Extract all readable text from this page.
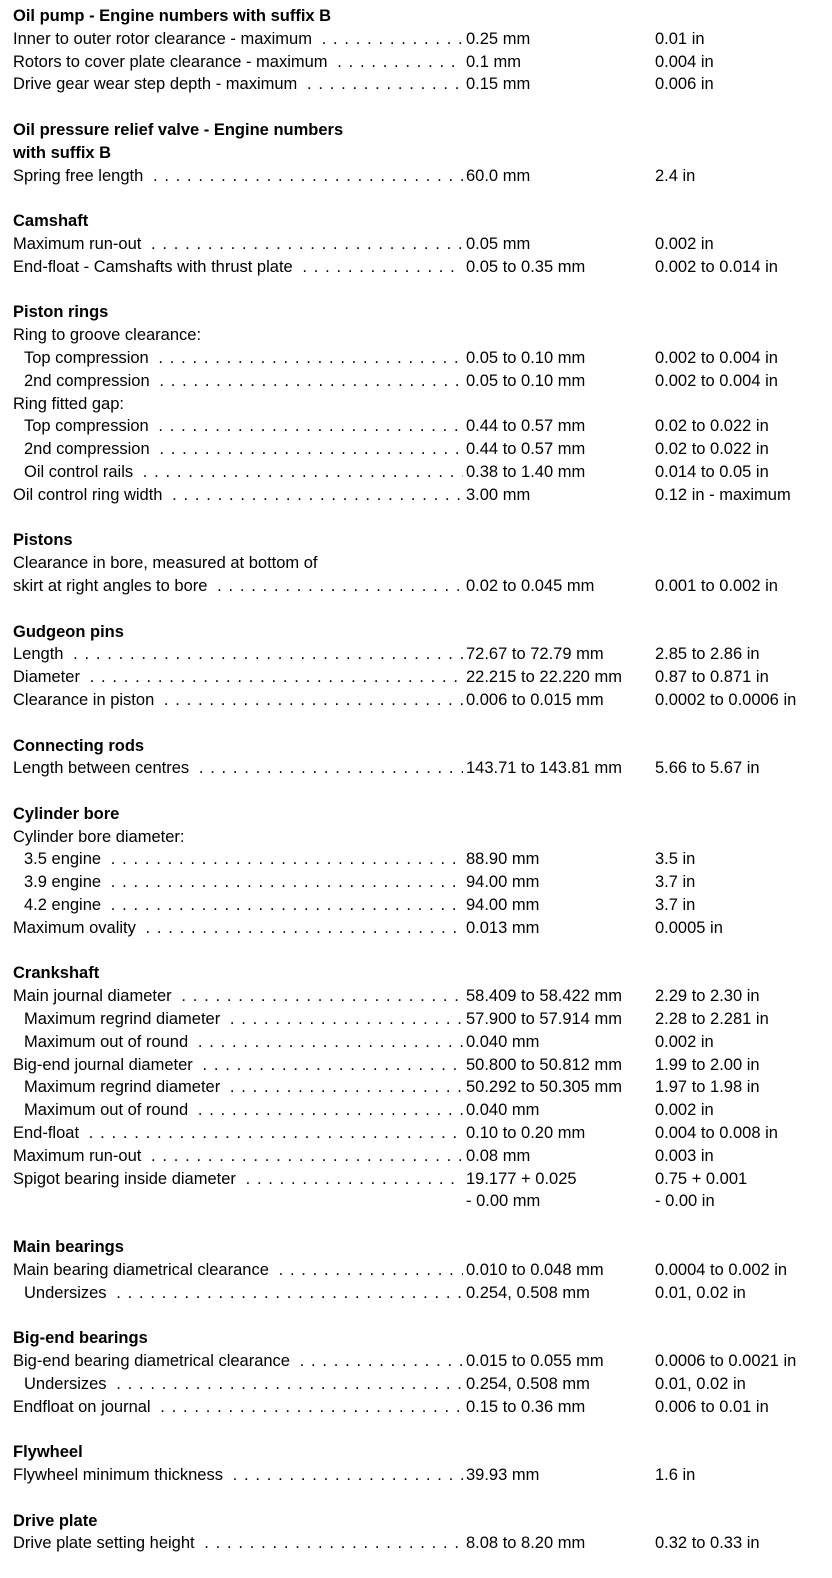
Oil pump - Engine numbers with suffix B
Inner to outer rotor clearance - maximum . . .	0.25 mm	0.01 in
Rotors to cover plate clearance - maximum . . .	0.1 mm	0.004 in
Drive gear wear step depth - maximum . . .	0.15 mm	0.006 in
Oil pressure relief valve - Engine numbers
with suffix B
Spring free length . . .	60.0 mm	2.4 in
Camshaft
Maximum run-out . . .	0.05 mm	0.002 in
End-float - Camshafts with thrust plate . . .	0.05 to 0.35 mm	0.002 to 0.014 in
Piston rings
Ring to groove clearance:
Top compression . . .	0.05 to 0.10 mm	0.002 to 0.004 in
2nd compression . . .	0.05 to 0.10 mm	0.002 to 0.004 in
Ring fitted gap:
Top compression . . .	0.44 to 0.57 mm	0.02 to 0.022 in
2nd compression . . .	0.44 to 0.57 mm	0.02 to 0.022 in
Oil control rails . . .	0.38 to 1.40 mm	0.014 to 0.05 in
Oil control ring width . . .	3.00 mm	0.12 in - maximum
Pistons
Clearance in bore, measured at bottom of
skirt at right angles to bore . . .	0.02 to 0.045 mm	0.001 to 0.002 in
Gudgeon pins
Length . . .	72.67 to 72.79 mm	2.85 to 2.86 in
Diameter . . .	22.215 to 22.220 mm 0.87 to 0.871 in
Clearance in piston . . .	0.006 to 0.015 mm	0.0002 to 0.0006 in
Connecting rods
Length between centres . . .	143.71 to 143.81 mm 5.66 to 5.67 in
Cylinder bore
Cylinder bore diameter:
3.5 engine . . .	88.90 mm	3.5 in
3.9 engine . . .	94.00 mm	3.7 in
4.2 engine . . .	94.00 mm	3.7 in
Maximum ovality . . .	0.013 mm	0.0005 in
Crankshaft
Main journal diameter . . .	58.409 to 58.422 mm 2.29 to 2.30 in
Maximum regrind diameter . . .	57.900 to 57.914 mm 2.28 to 2.281 in
Maximum out of round . . .	0.040 mm	0.002 in
Big-end journal diameter . . .	50.800 to 50.812 mm 1.99 to 2.00 in
Maximum regrind diameter . . .	50.292 to 50.305 mm 1.97 to 1.98 in
Maximum out of round . . .	0.040 mm	0.002 in
End-float . . .	0.10 to 0.20 mm	0.004 to 0.008 in
Maximum run-out . . .	0.08 mm	0.003 in
Spigot bearing inside diameter . . .	19.177 + 0.025	0.75 + 0.001
- 0.00 mm	- 0.00 in
Main bearings
Main bearing diametrical clearance . . .	0.010 to 0.048 mm	0.0004 to 0.002 in
Undersizes . . .	0.254, 0.508 mm	0.01, 0.02 in
Big-end bearings
Big-end bearing diametrical clearance . . .	0.015 to 0.055 mm	0.0006 to 0.0021 in
Undersizes . . .	0.254, 0.508 mm	0.01, 0.02 in
Endfloat on journal . . .	0.15 to 0.36 mm	0.006 to 0.01 in
Flywheel
Flywheel minimum thickness . . .	39.93 mm	1.6 in
Drive plate
Drive plate setting height . . .	8.08 to 8.20 mm	0.32 to 0.33 in
